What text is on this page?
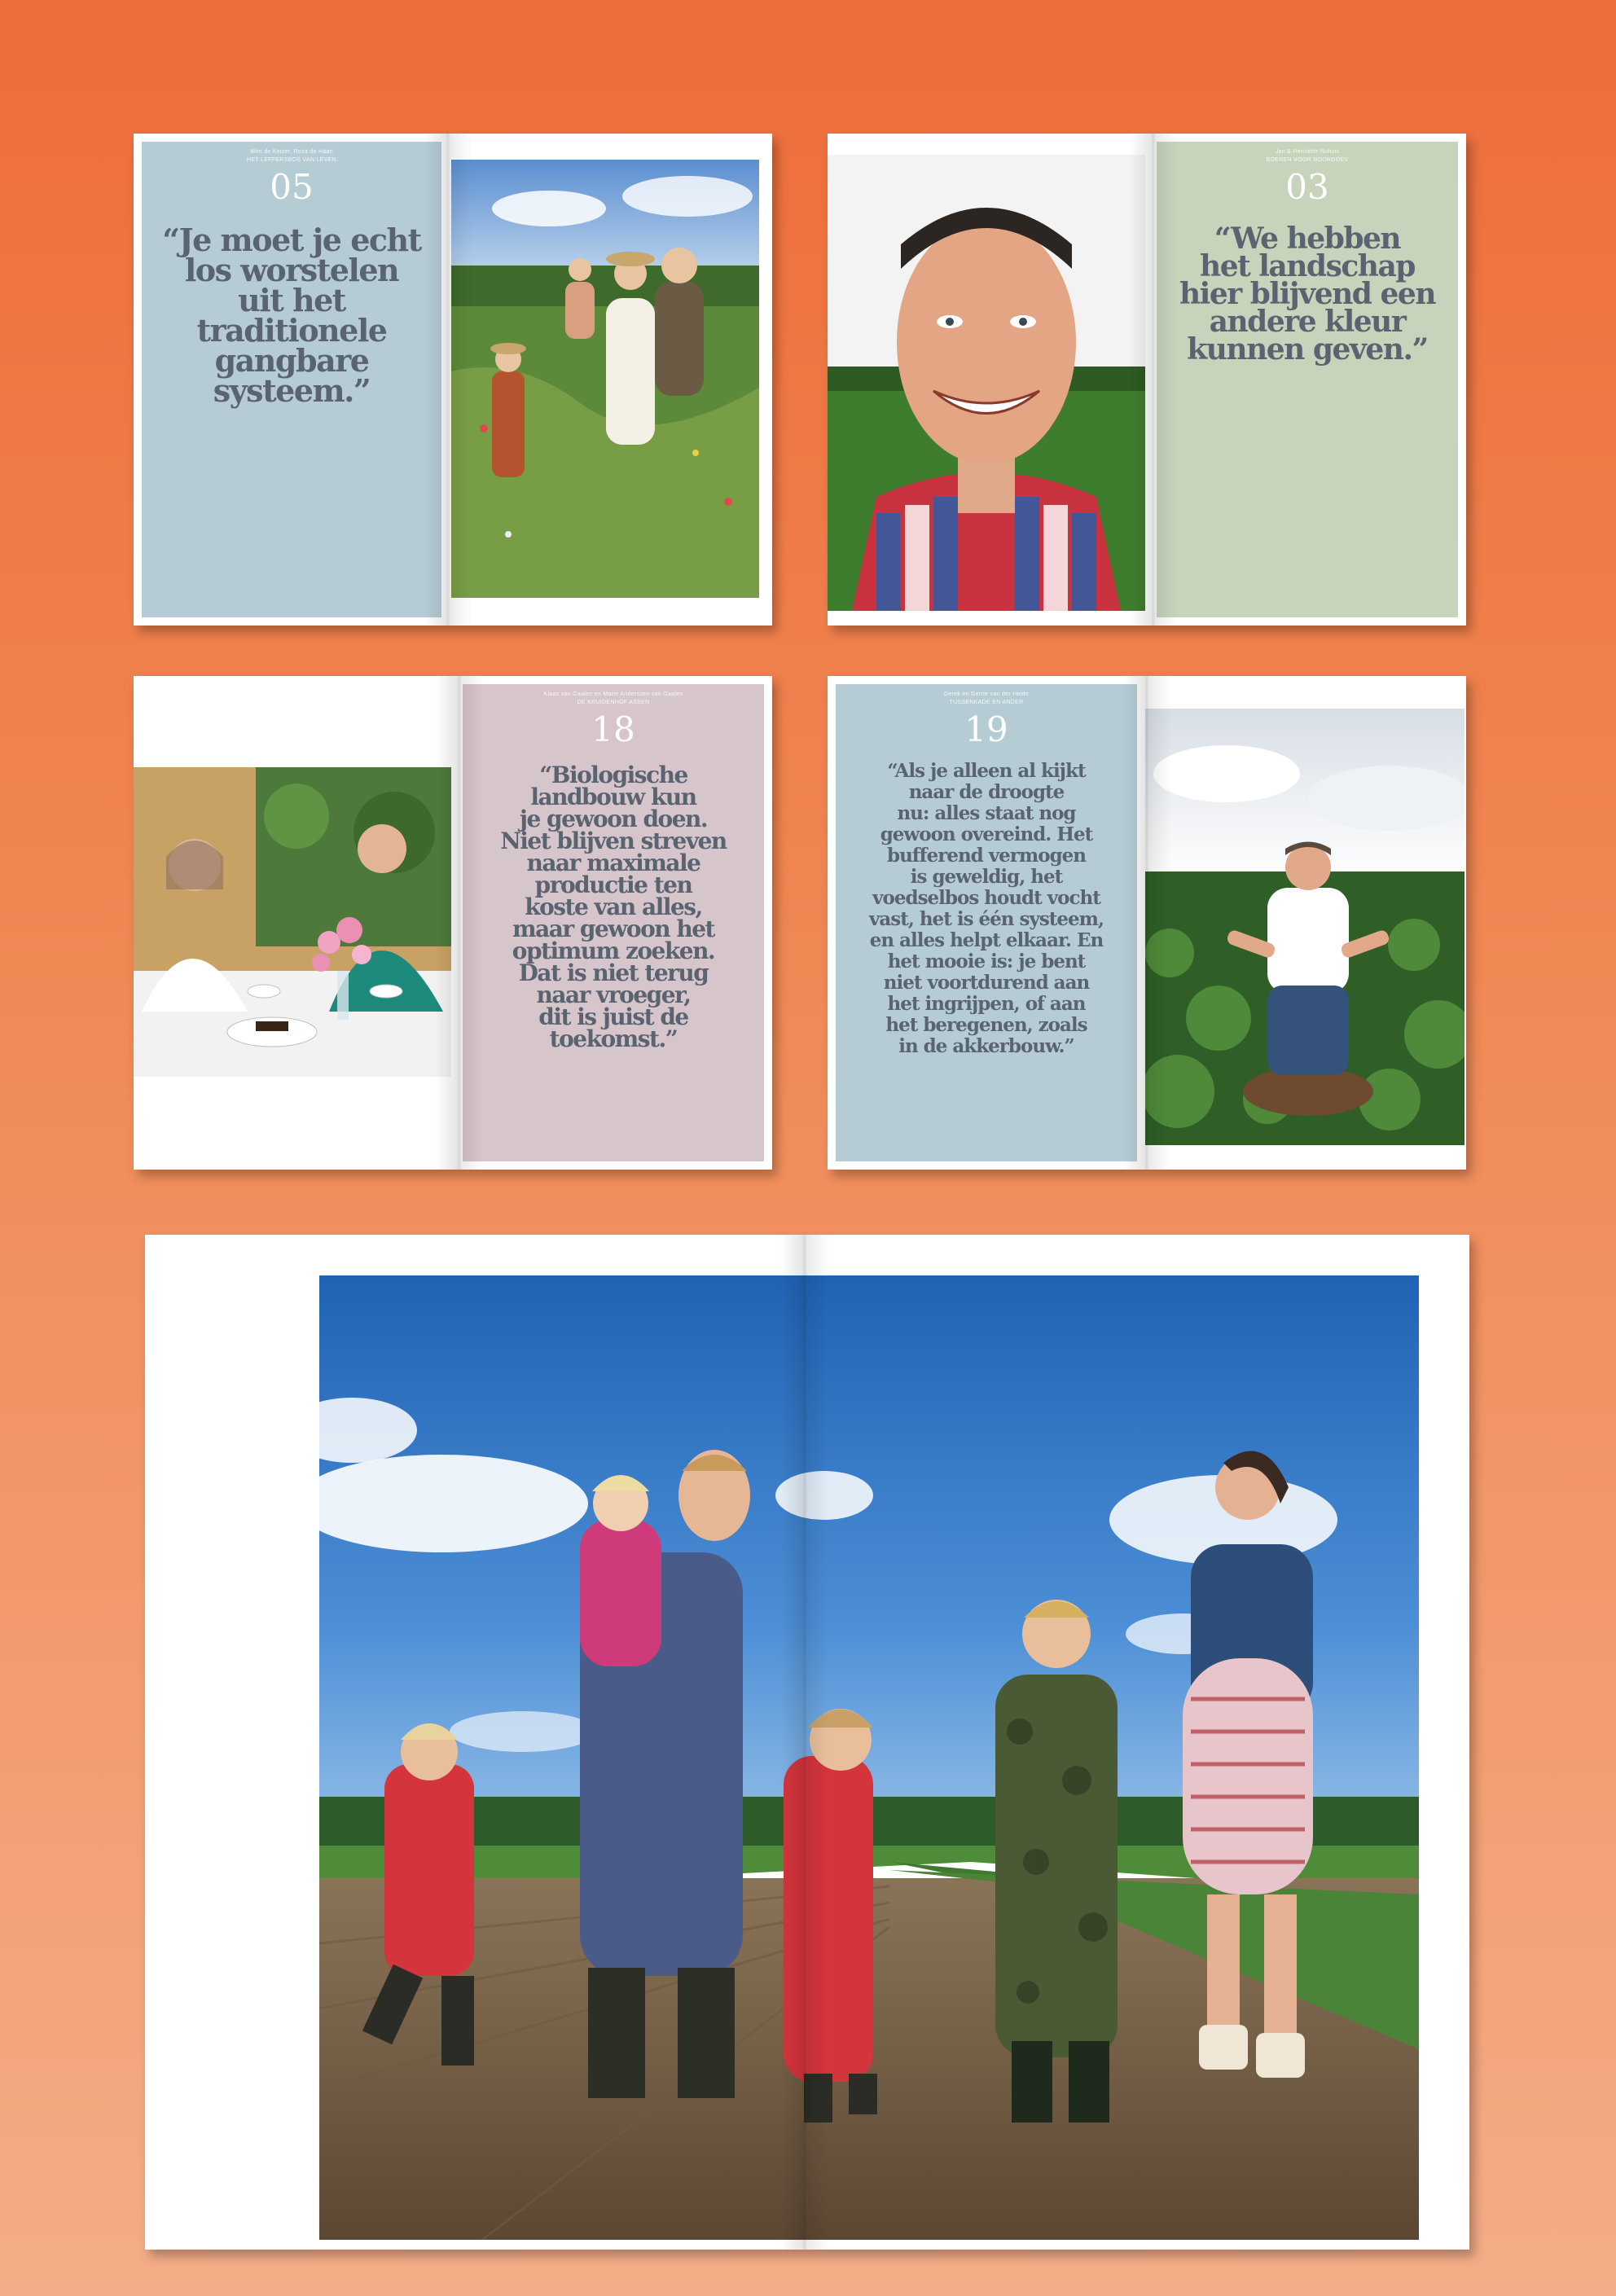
Wim de Keizer, Rosa de Haan
HET LEFFERSBOS VAN LEVEN
05
“Je moet je echt
los worstelen
uit het
traditionele
gangbare
systeem.”
Jan & Henriëtte Nuhuis
BOEREN VOOR NOORDOEV
03
“We hebben
het landschap
hier blijvend een
andere kleur
kunnen geven.”
Klaas van Gaalen en Marie Anderssen van Gaalen
DE KRUIDENHOF ASSEN
18
“Biologische
landbouw kun
je gewoon doen.
Niet blijven streven
naar maximale
productie ten
koste van alles,
maar gewoon het
optimum zoeken.
Dat is niet terug
naar vroeger,
dit is juist de
toekomst.”
Derek en Gerrie van der Heide
TUSSENKADE EN ANDER
19
“Als je alleen al kijkt
naar de droogte
nu: alles staat nog
gewoon overeind. Het
bufferend vermogen
is geweldig, het
voedselbos houdt vocht
vast, het is één systeem,
en alles helpt elkaar. En
het mooie is: je bent
niet voortdurend aan
het ingrijpen, of aan
het beregenen, zoals
in de akkerbouw.”
